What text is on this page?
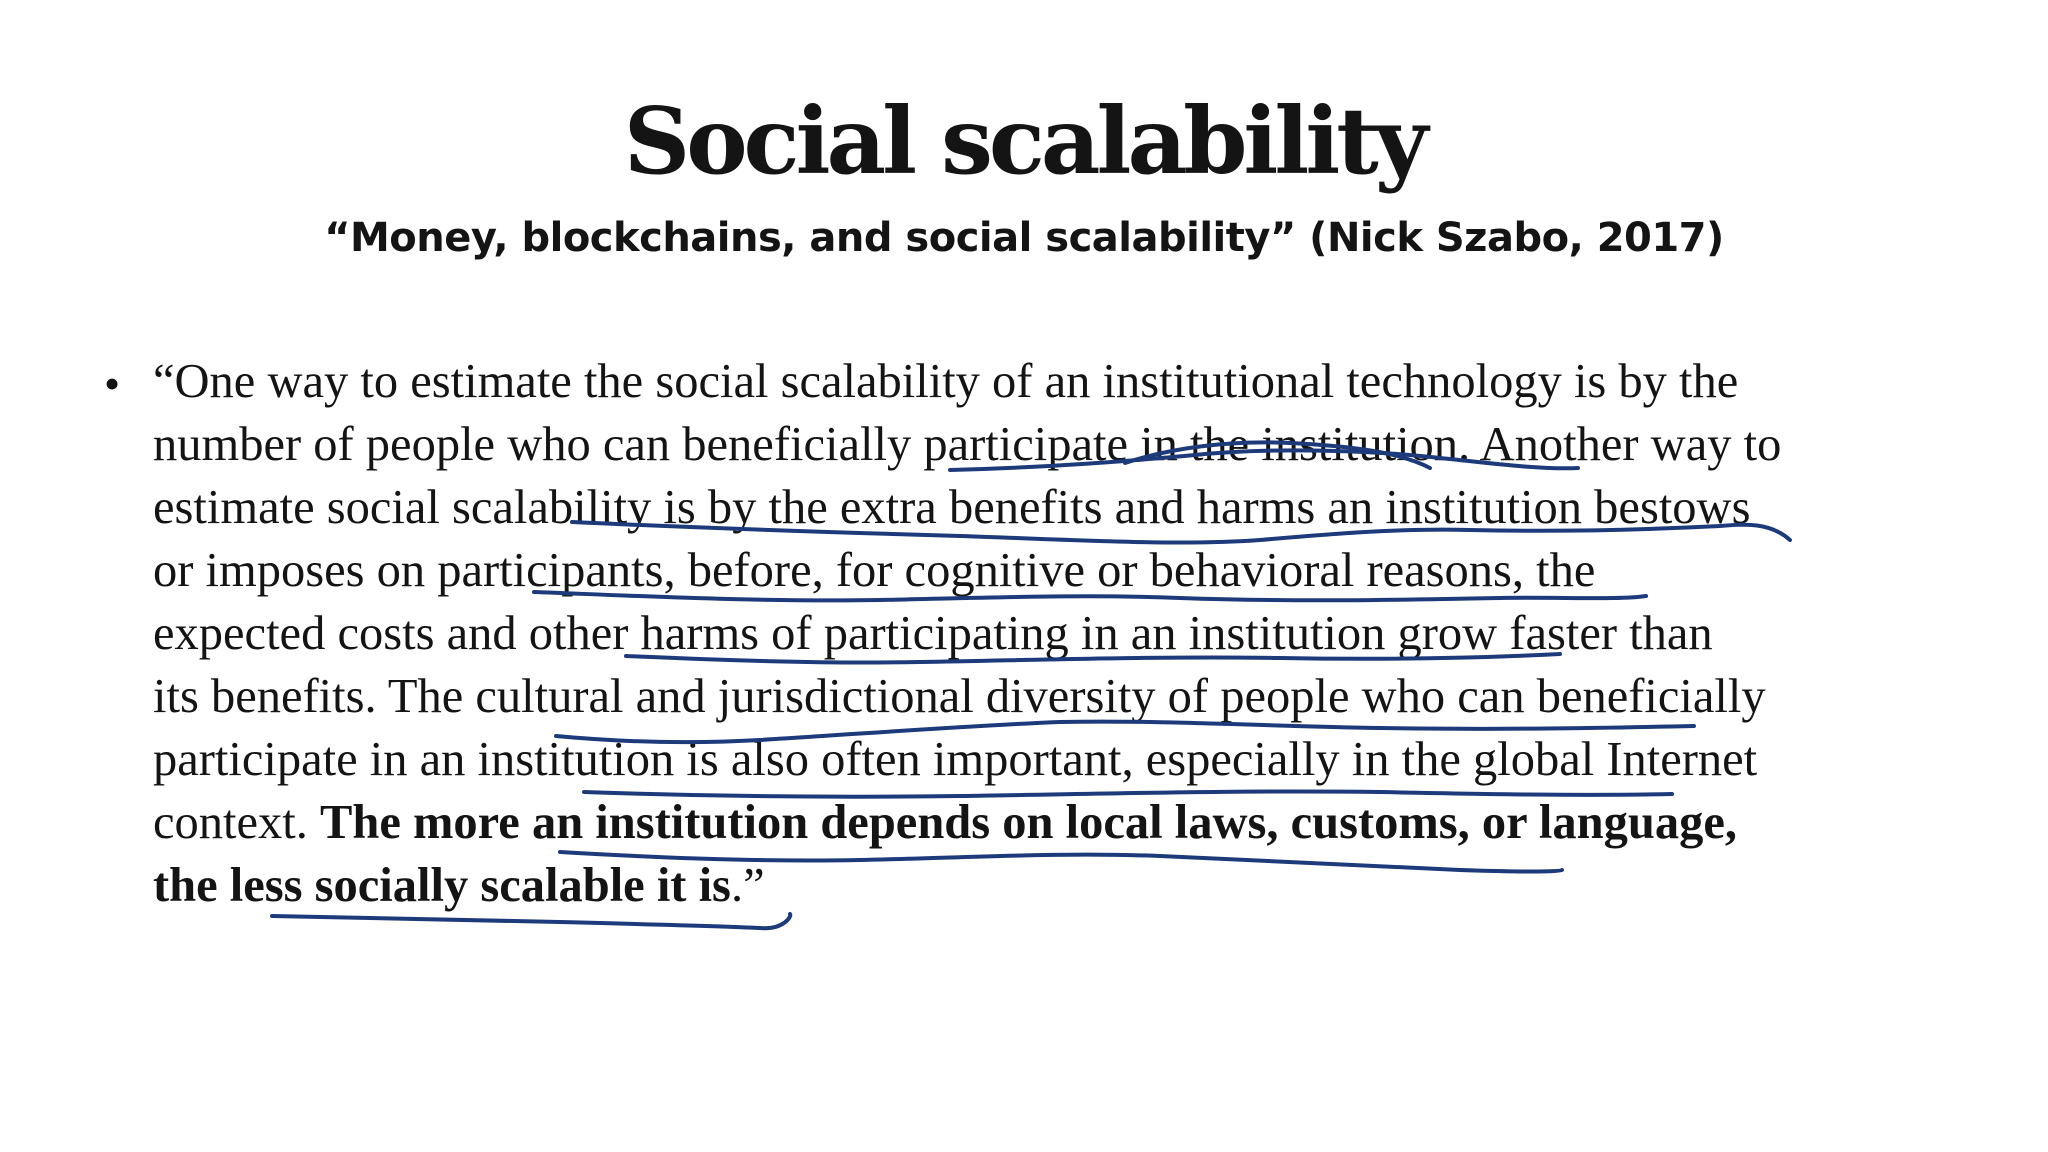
Social scalability

“Money, blockchains, and social scalability” (Nick Szabo, 2017)

• “One way to estimate the social scalability of an institutional technology is by the
number of people who can beneficially participate in the institution. Another way to
estimate social scalability is by the extra benefits and harms an institution bestows
or imposes on participants, before, for cognitive or behavioral reasons, the
expected costs and other harms of participating in an institution grow faster than
its benefits. The cultural and jurisdictional diversity of people who can beneficially
participate in an institution is also often important, especially in the global Internet
context. The more an institution depends on local laws, customs, or language,
the less socially scalable it is.”
